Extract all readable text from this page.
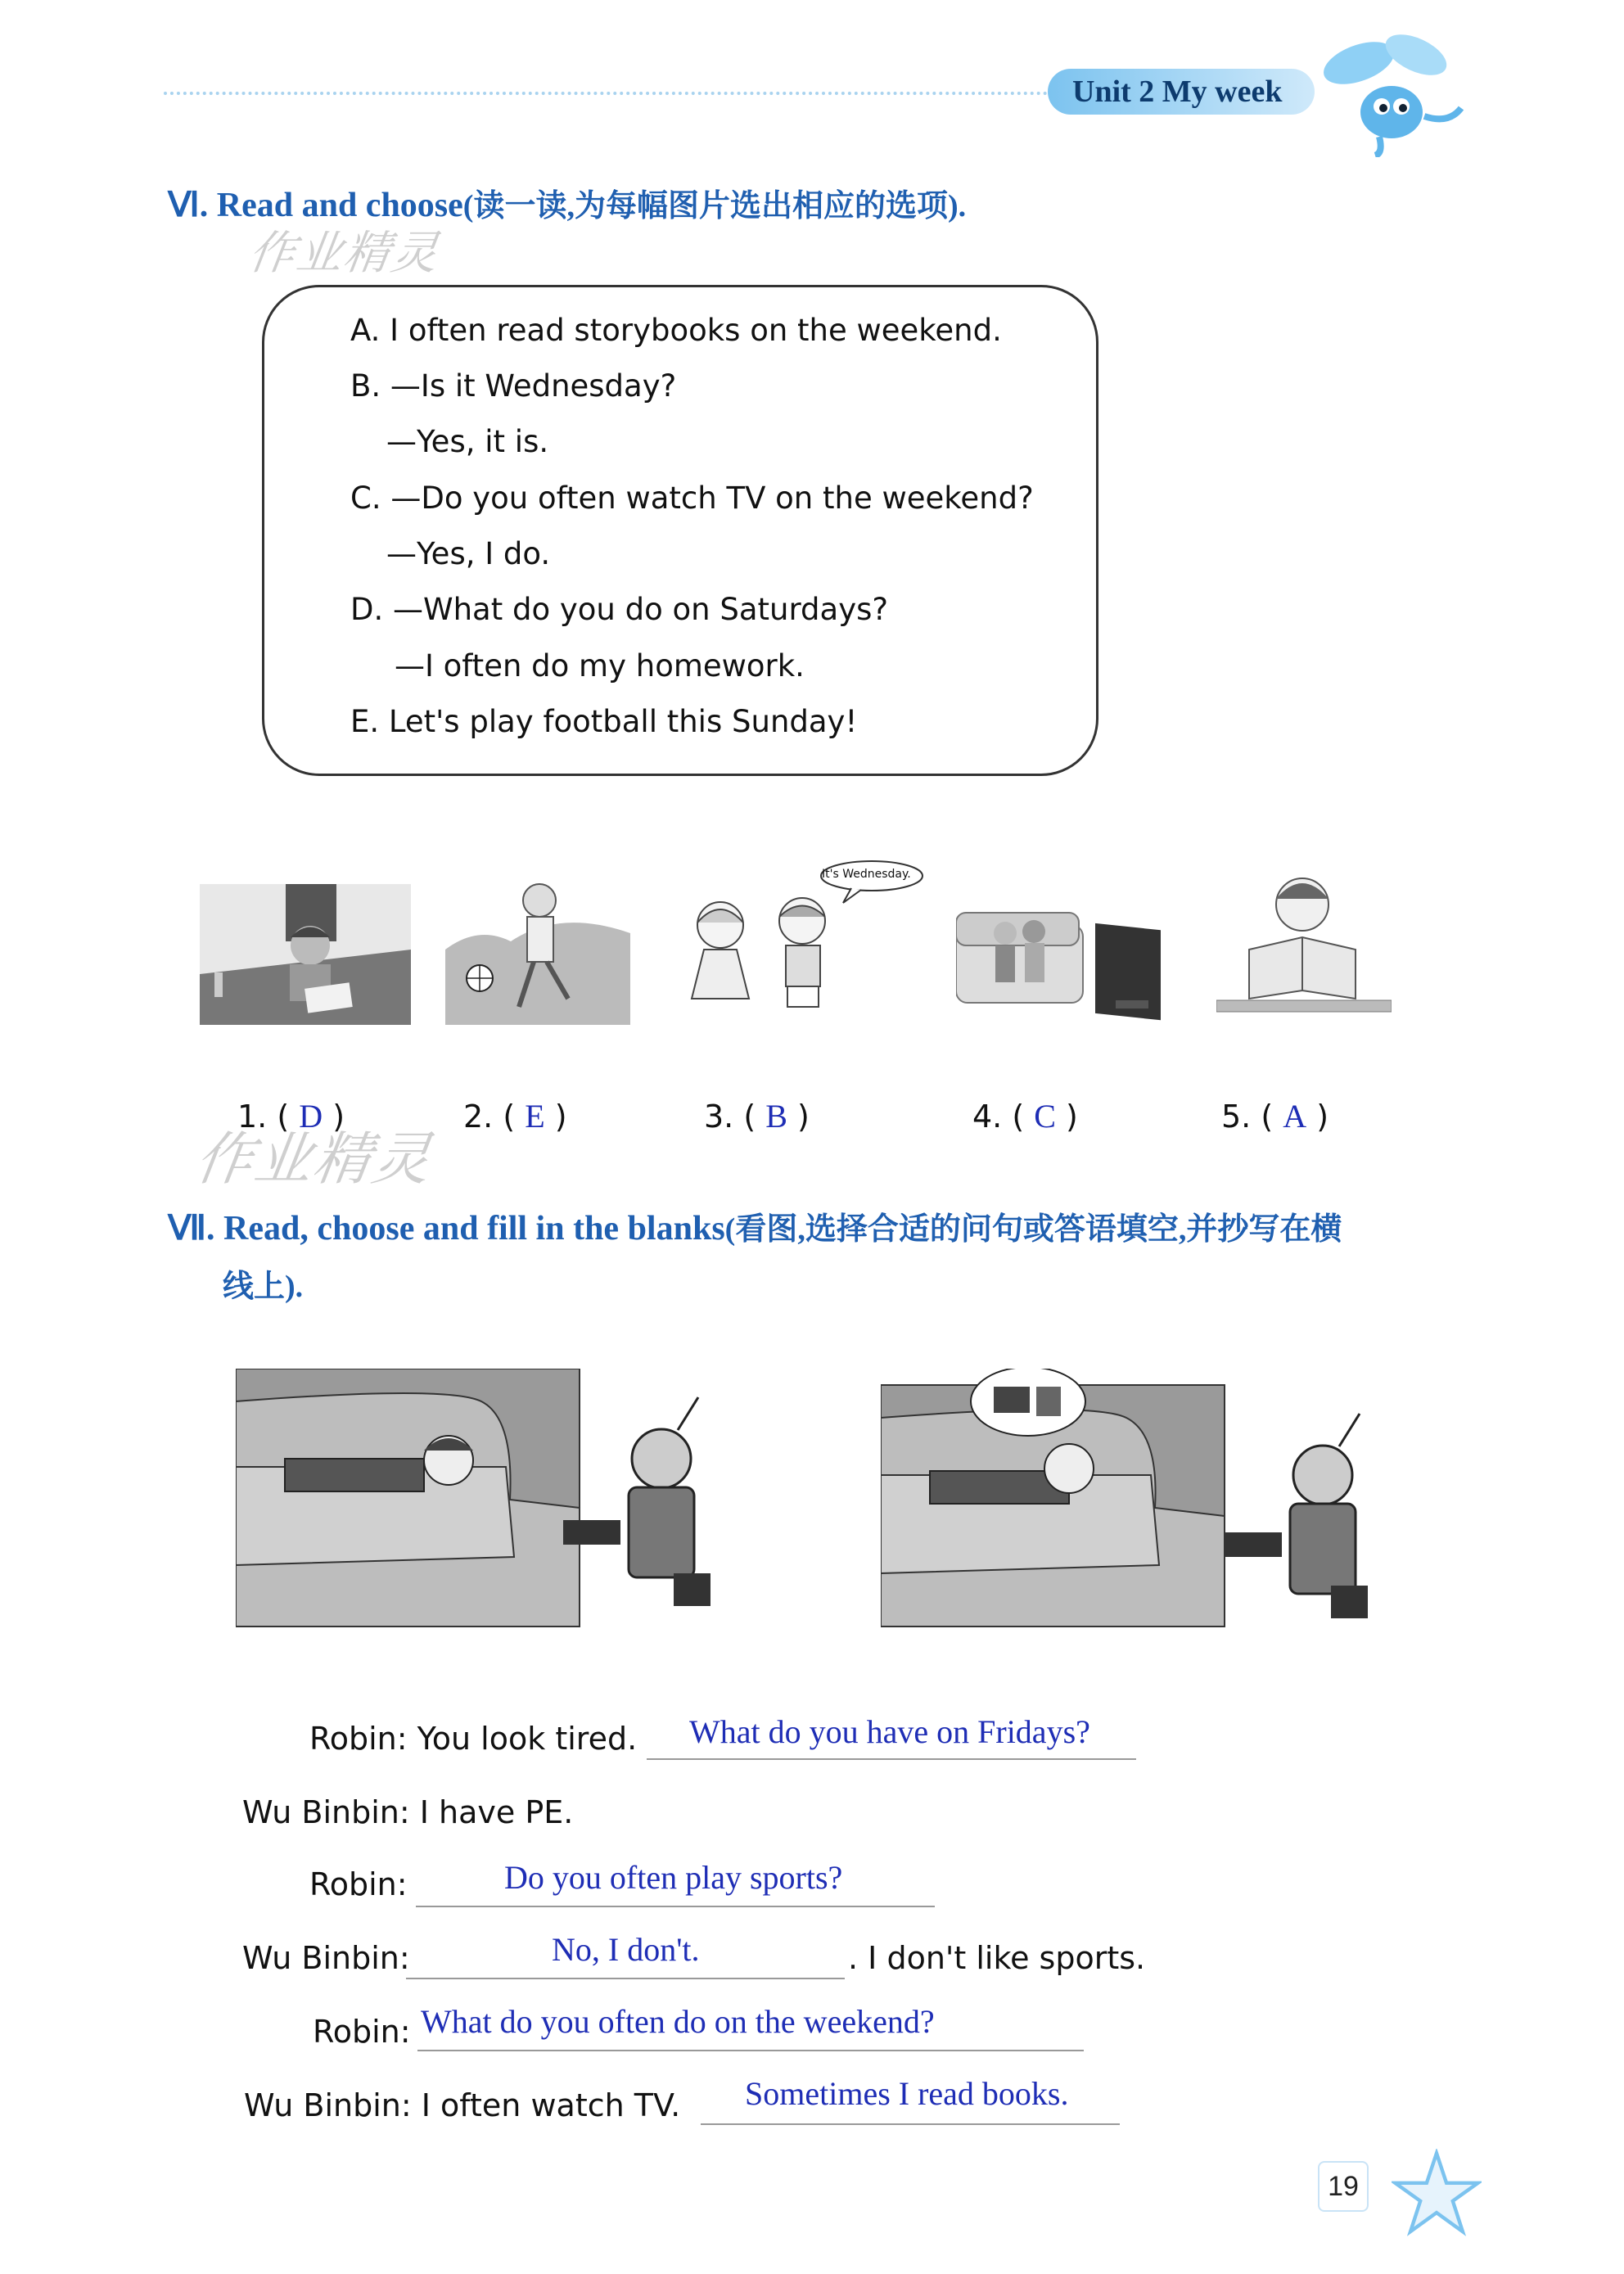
Unit 2 My week
Ⅵ. Read and choose(读一读,为每幅图片选出相应的选项).
作业精灵
A. I often read storybooks on the weekend.
B. —Is it Wednesday?
—Yes, it is.
C. —Do you often watch TV on the weekend?
—Yes, I do.
D. —What do you do on Saturdays?
—I often do my homework.
E. Let's play football this Sunday!
It's Wednesday.
作业精灵
1. ( D )	2. ( E )	3. ( B )	4. ( C )	5. ( A )
Ⅶ. Read, choose and fill in the blanks(看图,选择合适的问句或答语填空,并抄写在横
线上).
Robin: You look tired. What do you have on Fridays?
Wu Binbin: I have PE.
Robin:	Do you often play sports?
Wu Binbin:	No, I don't.	. I don't like sports.
Robin: What do you often do on the weekend?
Wu Binbin: I often watch TV. Sometimes I read books.
19
